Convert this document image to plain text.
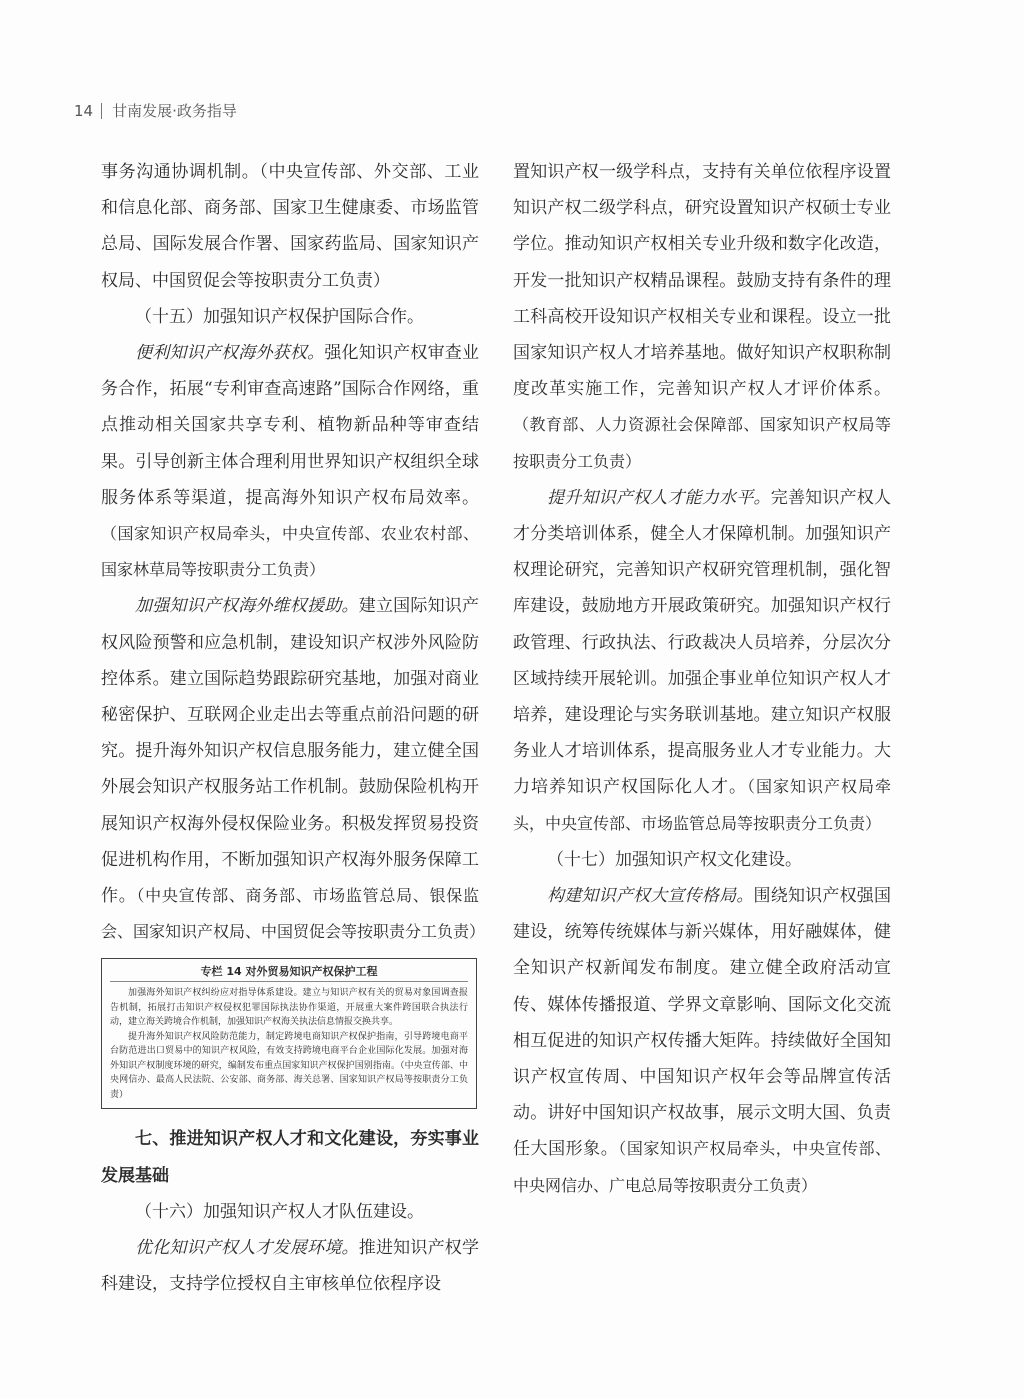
14 甘南发展·政务指导

事务沟通协调机制。（中央宣传部、外交部、工业和信息化部、商务部、国家卫生健康委、市场监管总局、国际发展合作署、国家药监局、国家知识产权局、中国贸促会等按职责分工负责）

（十五）加强知识产权保护国际合作。

便利知识产权海外获权。强化知识产权审查业务合作，拓展“专利审查高速路”国际合作网络，重点推动相关国家共享专利、植物新品种等审查结果。引导创新主体合理利用世界知识产权组织全球服务体系等渠道，提高海外知识产权布局效率。（国家知识产权局牵头，中央宣传部、农业农村部、国家林草局等按职责分工负责）

加强知识产权海外维权援助。建立国际知识产权风险预警和应急机制，建设知识产权涉外风险防控体系。建立国际趋势跟踪研究基地，加强对商业秘密保护、互联网企业走出去等重点前沿问题的研究。提升海外知识产权信息服务能力，建立健全国外展会知识产权服务站工作机制。鼓励保险机构开展知识产权海外侵权保险业务。积极发挥贸易投资促进机构作用，不断加强知识产权海外服务保障工作。（中央宣传部、商务部、市场监管总局、银保监会、国家知识产权局、中国贸促会等按职责分工负责）

专栏 14 对外贸易知识产权保护工程

加强海外知识产权纠纷应对指导体系建设。建立与知识产权有关的贸易对象国调查报告机制，拓展打击知识产权侵权犯罪国际执法协作渠道，开展重大案件跨国联合执法行动，建立海关跨境合作机制，加强知识产权海关执法信息情报交换共享。

提升海外知识产权风险防范能力，制定跨境电商知识产权保护指南，引导跨境电商平台防范进出口贸易中的知识产权风险，有效支持跨境电商平台企业国际化发展。加强对海外知识产权制度环境的研究，编制发布重点国家知识产权保护国别指南。（中央宣传部、中央网信办、最高人民法院、公安部、商务部、海关总署、国家知识产权局等按职责分工负责）

七、推进知识产权人才和文化建设，夯实事业发展基础

（十六）加强知识产权人才队伍建设。

优化知识产权人才发展环境。推进知识产权学科建设，支持学位授权自主审核单位依程序设

置知识产权一级学科点，支持有关单位依程序设置知识产权二级学科点，研究设置知识产权硕士专业学位。推动知识产权相关专业升级和数字化改造，开发一批知识产权精品课程。鼓励支持有条件的理工科高校开设知识产权相关专业和课程。设立一批国家知识产权人才培养基地。做好知识产权职称制度改革实施工作，完善知识产权人才评价体系。（教育部、人力资源社会保障部、国家知识产权局等按职责分工负责）

提升知识产权人才能力水平。完善知识产权人才分类培训体系，健全人才保障机制。加强知识产权理论研究，完善知识产权研究管理机制，强化智库建设，鼓励地方开展政策研究。加强知识产权行政管理、行政执法、行政裁决人员培养，分层次分区域持续开展轮训。加强企事业单位知识产权人才培养，建设理论与实务联训基地。建立知识产权服务业人才培训体系，提高服务业人才专业能力。大力培养知识产权国际化人才。（国家知识产权局牵头，中央宣传部、市场监管总局等按职责分工负责）

（十七）加强知识产权文化建设。

构建知识产权大宣传格局。围绕知识产权强国建设，统筹传统媒体与新兴媒体，用好融媒体，健全知识产权新闻发布制度。建立健全政府活动宣传、媒体传播报道、学界文章影响、国际文化交流相互促进的知识产权传播大矩阵。持续做好全国知识产权宣传周、中国知识产权年会等品牌宣传活动。讲好中国知识产权故事，展示文明大国、负责任大国形象。（国家知识产权局牵头，中央宣传部、中央网信办、广电总局等按职责分工负责）
